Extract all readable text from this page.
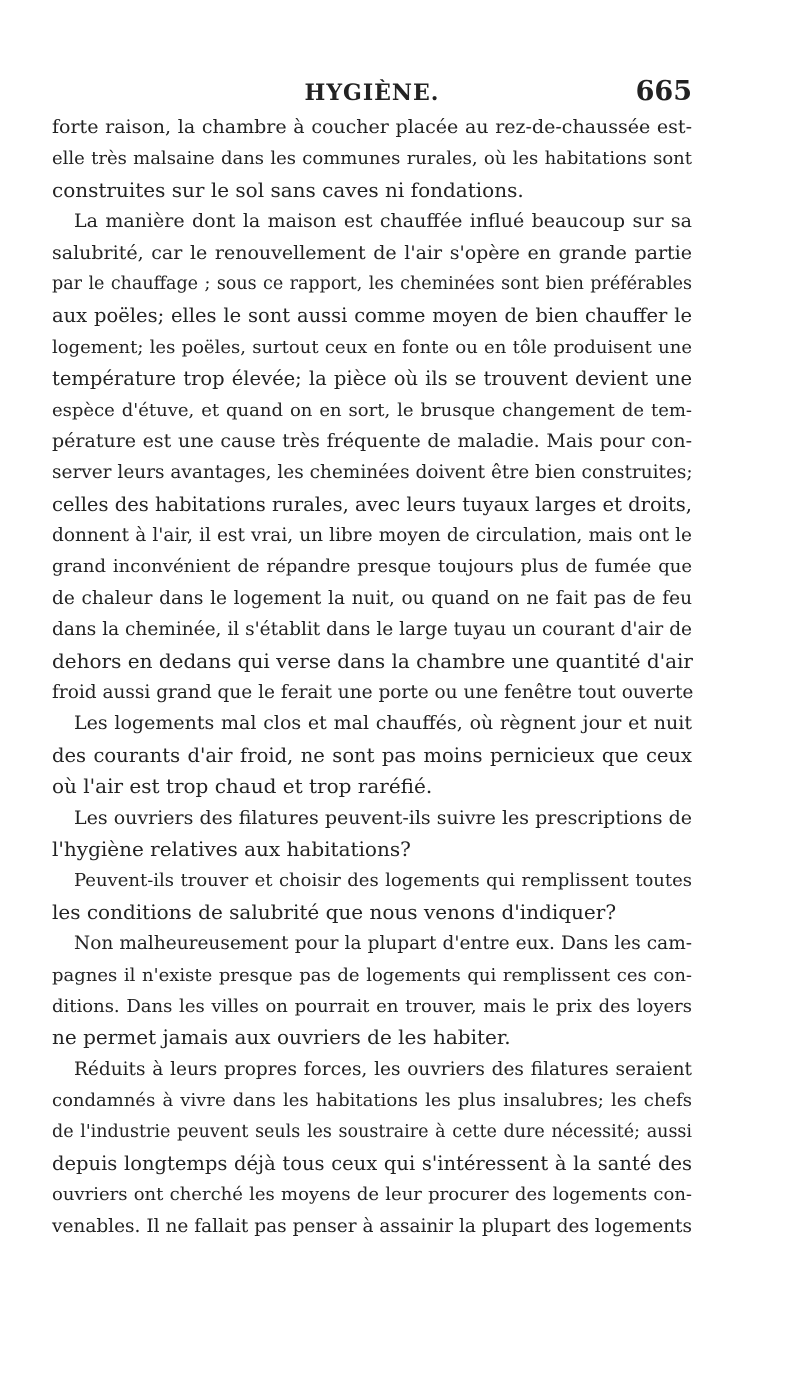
HYGIÈNE.	665
forte raison, la chambre à coucher placée au rez-de-chaussée est-
elle très malsaine dans les communes rurales, où les habitations sont
construites sur le sol sans caves ni fondations.
La manière dont la maison est chauffée influé beaucoup sur sa
salubrité, car le renouvellement de l'air s'opère en grande partie
par le chauffage ; sous ce rapport, les cheminées sont bien préférables
aux poëles; elles le sont aussi comme moyen de bien chauffer le
logement; les poëles, surtout ceux en fonte ou en tôle produisent une
température trop élevée; la pièce où ils se trouvent devient une
espèce d'étuve, et quand on en sort, le brusque changement de tem-
pérature est une cause très fréquente de maladie. Mais pour con-
server leurs avantages, les cheminées doivent être bien construites;
celles des habitations rurales, avec leurs tuyaux larges et droits,
donnent à l'air, il est vrai, un libre moyen de circulation, mais ont le
grand inconvénient de répandre presque toujours plus de fumée que
de chaleur dans le logement la nuit, ou quand on ne fait pas de feu
dans la cheminée, il s'établit dans le large tuyau un courant d'air de
dehors en dedans qui verse dans la chambre une quantité d'air
froid aussi grand que le ferait une porte ou une fenêtre tout ouverte
Les logements mal clos et mal chauffés, où règnent jour et nuit
des courants d'air froid, ne sont pas moins pernicieux que ceux
où l'air est trop chaud et trop raréfié.
Les ouvriers des filatures peuvent-ils suivre les prescriptions de
l'hygiène relatives aux habitations?
Peuvent-ils trouver et choisir des logements qui remplissent toutes
les conditions de salubrité que nous venons d'indiquer?
Non malheureusement pour la plupart d'entre eux. Dans les cam-
pagnes il n'existe presque pas de logements qui remplissent ces con-
ditions. Dans les villes on pourrait en trouver, mais le prix des loyers
ne permet jamais aux ouvriers de les habiter.
Réduits à leurs propres forces, les ouvriers des filatures seraient
condamnés à vivre dans les habitations les plus insalubres; les chefs
de l'industrie peuvent seuls les soustraire à cette dure nécessité; aussi
depuis longtemps déjà tous ceux qui s'intéressent à la santé des
ouvriers ont cherché les moyens de leur procurer des logements con-
venables. Il ne fallait pas penser à assainir la plupart des logements
